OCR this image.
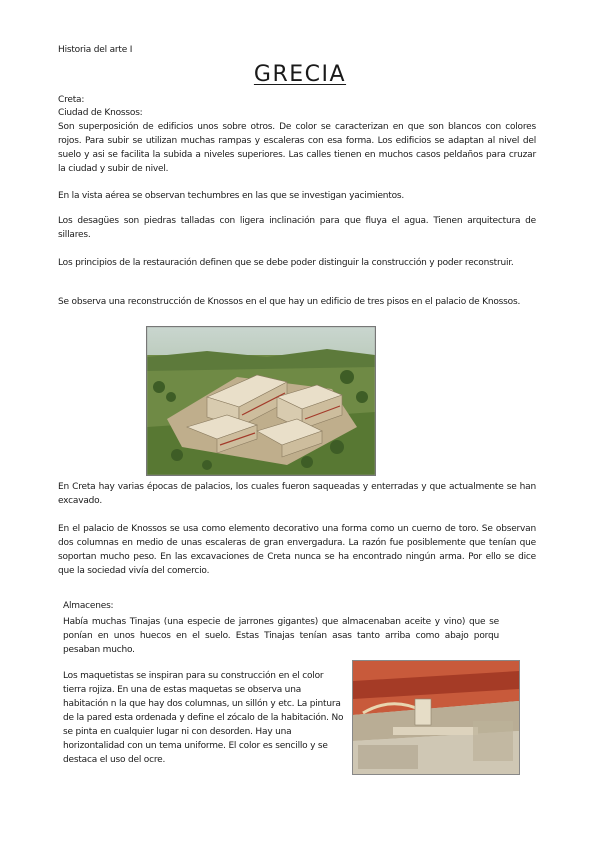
Historia del arte I
GRECIA
Creta:
Ciudad de Knossos:
Son superposición de edificios unos sobre otros. De color se caracterizan en que son blancos con colores rojos. Para subir se utilizan muchas rampas y escaleras con esa forma. Los edificios se adaptan al nivel del suelo y asi se facilita la subida a niveles superiores. Las calles tienen en muchos casos peldaños para cruzar la ciudad y subir de nivel.
En la vista aérea se observan techumbres en las que se investigan yacimientos.
Los desagües son piedras talladas con ligera inclinación para que fluya el agua. Tienen arquitectura de sillares.
Los principios de la restauración definen que se debe poder distinguir la construcción y poder reconstruir.
Se observa una reconstrucción de Knossos en el que hay un edificio de tres pisos en el palacio de Knossos.
En Creta hay varias épocas de palacios, los cuales fueron saqueadas y enterradas y que actualmente se han excavado.
En el palacio de Knossos se usa como elemento decorativo una forma como un cuerno de toro. Se observan dos columnas en medio de unas escaleras de gran envergadura. La razón fue posiblemente que tenían que soportan mucho peso. En las excavaciones de Creta nunca se ha encontrado ningún arma. Por ello se dice que la sociedad vivía del comercio.
Almacenes:
Había muchas Tinajas (una especie de jarrones gigantes) que almacenaban aceite y vino) que se ponían en unos huecos en el suelo. Estas Tinajas tenían asas tanto arriba como abajo porqu pesaban mucho.
Los maquetistas se inspiran para su construcción en el color tierra rojiza. En una de estas maquetas se observa una habitación n la que hay dos columnas, un sillón y etc. La pintura de la pared esta ordenada y define el zócalo de la habitación. No se pinta en cualquier lugar ni con desorden. Hay una horizontalidad con un tema uniforme. El color es sencillo y se destaca el uso del ocre.
